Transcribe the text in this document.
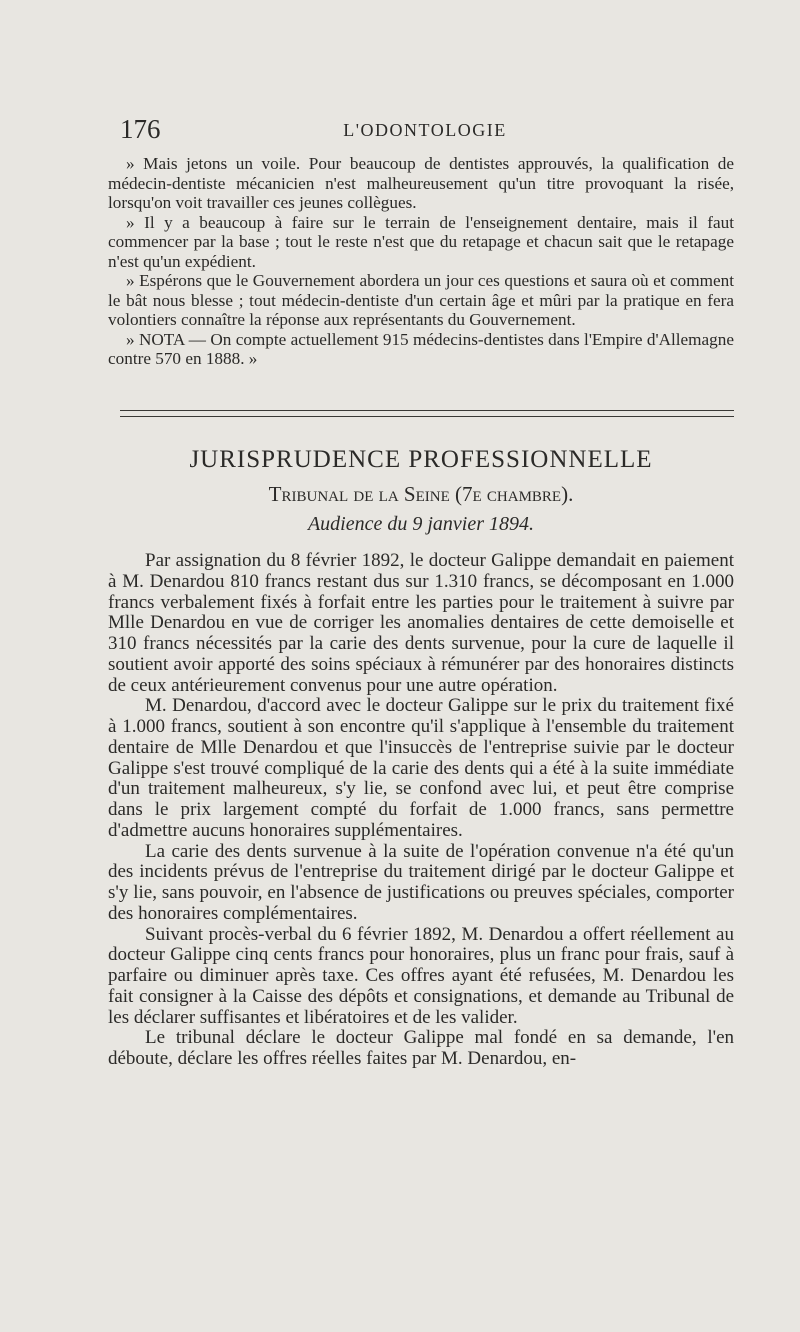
176	L'ODONTOLOGIE

» Mais jetons un voile. Pour beaucoup de dentistes approuvés, la qualification de médecin-dentiste mécanicien n'est malheureusement qu'un titre provoquant la risée, lorsqu'on voit travailler ces jeunes collègues.

» Il y a beaucoup à faire sur le terrain de l'enseignement dentaire, mais il faut commencer par la base ; tout le reste n'est que du retapage et chacun sait que le retapage n'est qu'un expédient.

» Espérons que le Gouvernement abordera un jour ces questions et saura où et comment le bât nous blesse ; tout médecin-dentiste d'un certain âge et mûri par la pratique en fera volontiers connaître la réponse aux représentants du Gouvernement.

» NOTA — On compte actuellement 915 médecins-dentistes dans l'Empire d'Allemagne contre 570 en 1888. »

JURISPRUDENCE PROFESSIONNELLE
Tribunal de la Seine (7e chambre).
Audience du 9 janvier 1894.

Par assignation du 8 février 1892, le docteur Galippe demandait en paiement à M. Denardou 810 francs restant dus sur 1.310 francs, se décomposant en 1.000 francs verbalement fixés à forfait entre les parties pour le traitement à suivre par Mlle Denardou en vue de corriger les anomalies dentaires de cette demoiselle et 310 francs nécessités par la carie des dents survenue, pour la cure de laquelle il soutient avoir apporté des soins spéciaux à rémunérer par des honoraires distincts de ceux antérieurement convenus pour une autre opération.

M. Denardou, d'accord avec le docteur Galippe sur le prix du traitement fixé à 1.000 francs, soutient à son encontre qu'il s'applique à l'ensemble du traitement dentaire de Mlle Denardou et que l'insuccès de l'entreprise suivie par le docteur Galippe s'est trouvé compliqué de la carie des dents qui a été à la suite immédiate d'un traitement malheureux, s'y lie, se confond avec lui, et peut être comprise dans le prix largement compté du forfait de 1.000 francs, sans permettre d'admettre aucuns honoraires supplémentaires.

La carie des dents survenue à la suite de l'opération convenue n'a été qu'un des incidents prévus de l'entreprise du traitement dirigé par le docteur Galippe et s'y lie, sans pouvoir, en l'absence de justifications ou preuves spéciales, comporter des honoraires complémentaires.

Suivant procès-verbal du 6 février 1892, M. Denardou a offert réellement au docteur Galippe cinq cents francs pour honoraires, plus un franc pour frais, sauf à parfaire ou diminuer après taxe. Ces offres ayant été refusées, M. Denardou les fait consigner à la Caisse des dépôts et consignations, et demande au Tribunal de les déclarer suffisantes et libératoires et de les valider.

Le tribunal déclare le docteur Galippe mal fondé en sa demande, l'en déboute, déclare les offres réelles faites par M. Denardou, en-
